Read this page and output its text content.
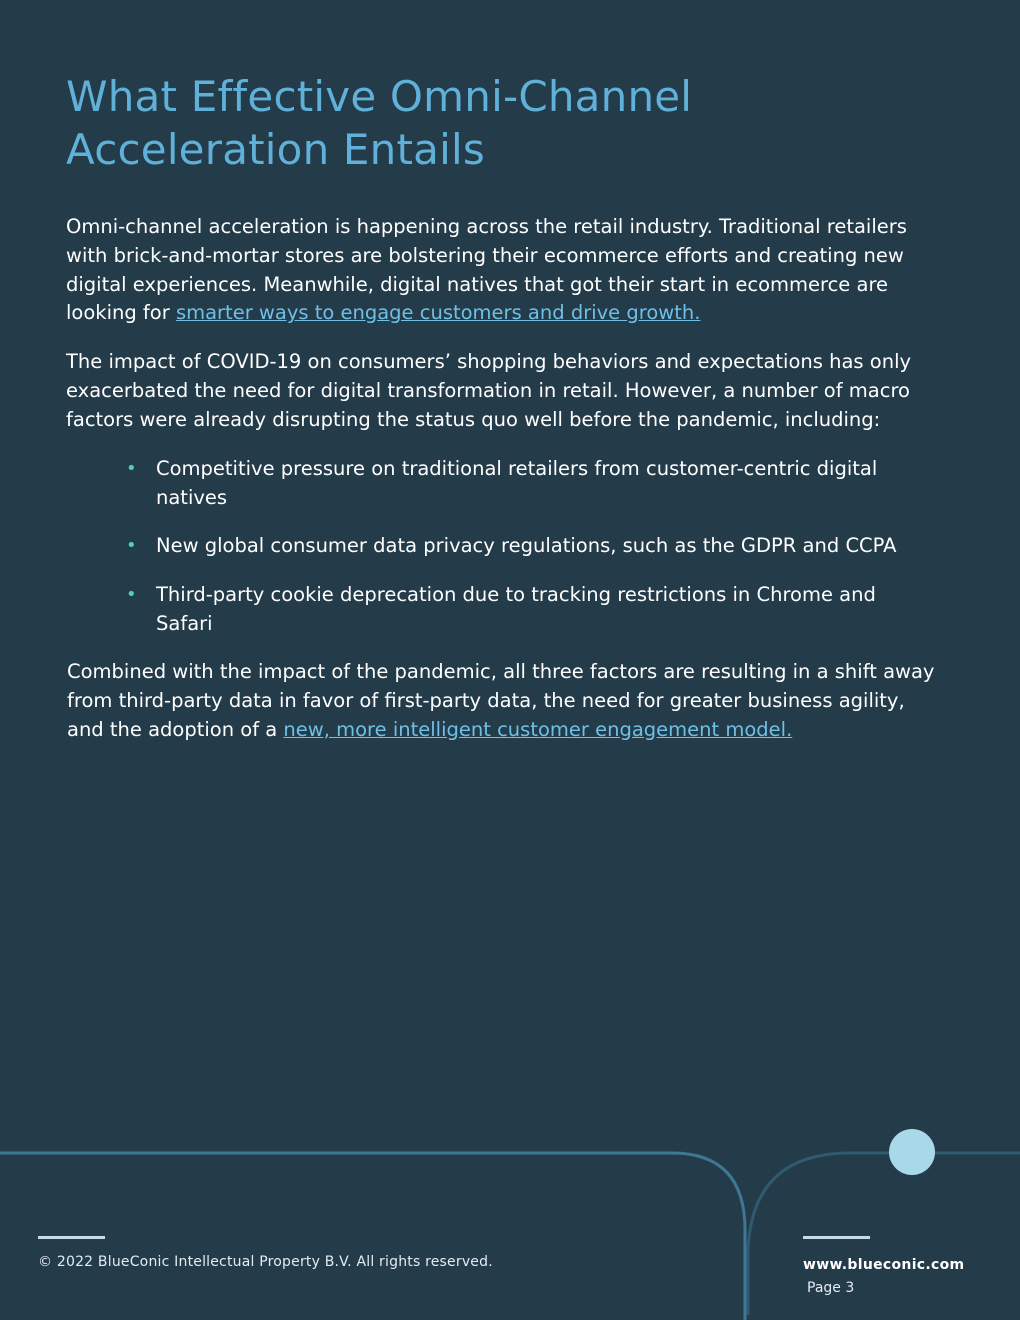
What Effective Omni-Channel Acceleration Entails

Omni-channel acceleration is happening across the retail industry. Traditional retailers with brick-and-mortar stores are bolstering their ecommerce efforts and creating new digital experiences. Meanwhile, digital natives that got their start in ecommerce are looking for smarter ways to engage customers and drive growth.

The impact of COVID-19 on consumers’ shopping behaviors and expectations has only exacerbated the need for digital transformation in retail. However, a number of macro factors were already disrupting the status quo well before the pandemic, including:

• Competitive pressure on traditional retailers from customer-centric digital natives
• New global consumer data privacy regulations, such as the GDPR and CCPA
• Third-party cookie deprecation due to tracking restrictions in Chrome and Safari

Combined with the impact of the pandemic, all three factors are resulting in a shift away from third-party data in favor of first-party data, the need for greater business agility, and the adoption of a new, more intelligent customer engagement model.

© 2022 BlueConic Intellectual Property B.V. All rights reserved.	www.blueconic.com
Page 3
